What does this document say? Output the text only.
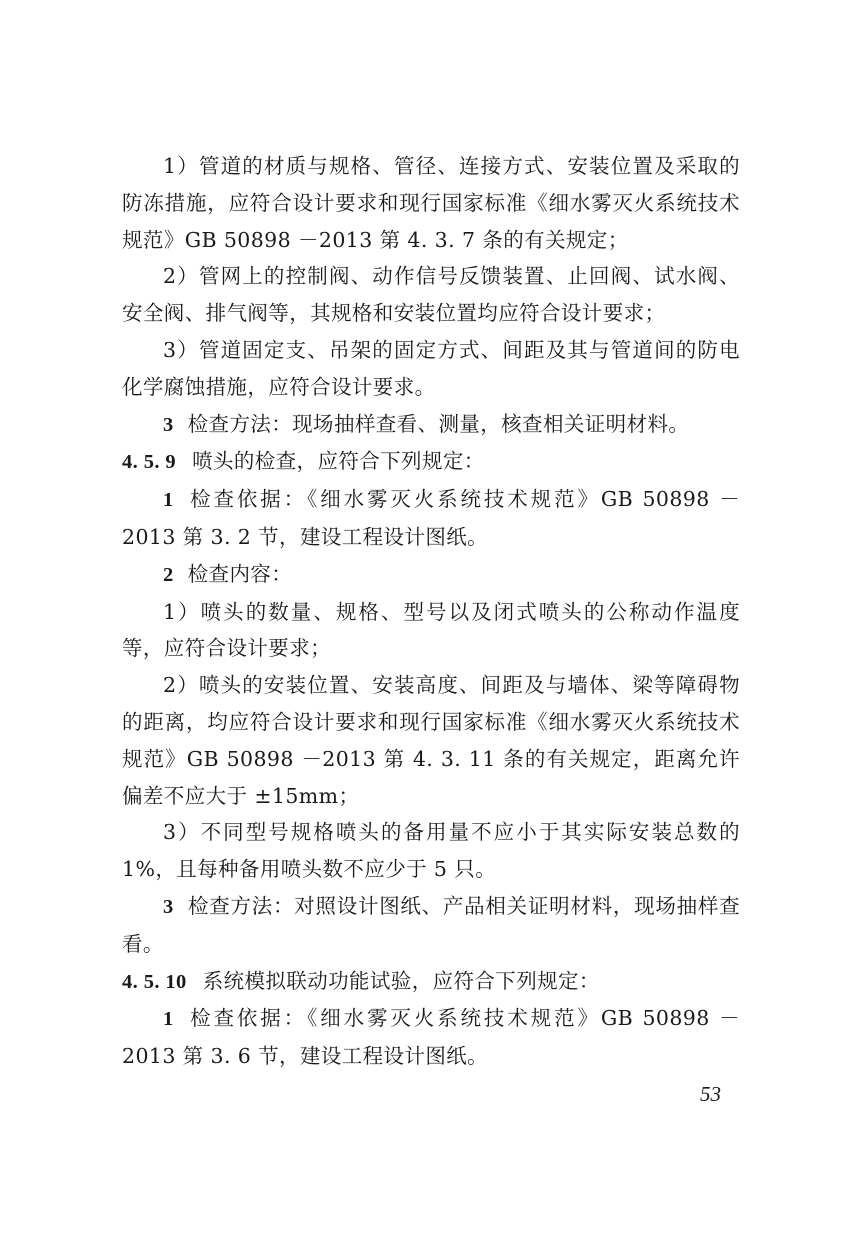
1）管道的材质与规格、管径、连接方式、安装位置及采取的防冻措施，应符合设计要求和现行国家标准《细水雾灭火系统技术规范》GB 50898 －2013 第 4. 3. 7 条的有关规定；

2）管网上的控制阀、动作信号反馈装置、止回阀、试水阀、安全阀、排气阀等，其规格和安装位置均应符合设计要求；

3）管道固定支、吊架的固定方式、间距及其与管道间的防电化学腐蚀措施，应符合设计要求。

3 检查方法：现场抽样查看、测量，核查相关证明材料。

4. 5. 9 喷头的检查，应符合下列规定：

1 检查依据：《细水雾灭火系统技术规范》GB 50898 －2013 第 3. 2 节，建设工程设计图纸。

2 检查内容：

1）喷头的数量、规格、型号以及闭式喷头的公称动作温度等，应符合设计要求；

2）喷头的安装位置、安装高度、间距及与墙体、梁等障碍物的距离，均应符合设计要求和现行国家标准《细水雾灭火系统技术规范》GB 50898 －2013 第 4. 3. 11 条的有关规定，距离允许偏差不应大于 ±15mm；

3）不同型号规格喷头的备用量不应小于其实际安装总数的 1%，且每种备用喷头数不应少于 5 只。

3 检查方法：对照设计图纸、产品相关证明材料，现场抽样查看。

4. 5. 10 系统模拟联动功能试验，应符合下列规定：

1 检查依据：《细水雾灭火系统技术规范》GB 50898 －2013 第 3. 6 节，建设工程设计图纸。

53
